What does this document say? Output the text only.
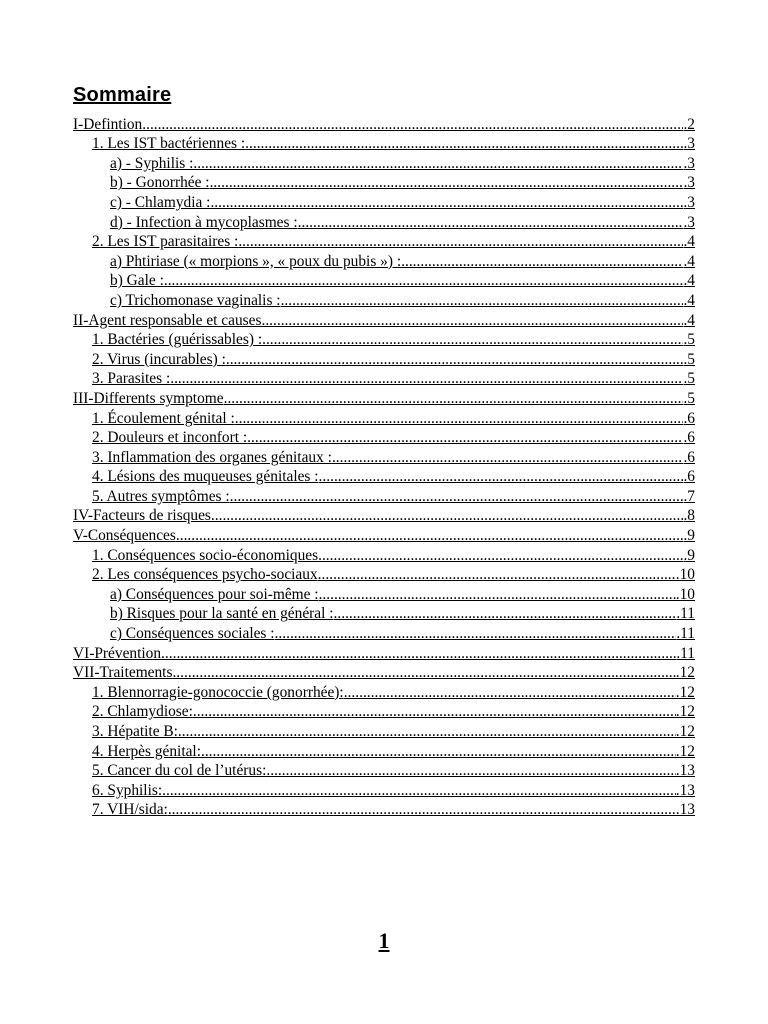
Sommaire
I-Defintion .....	.2
1. Les IST bactériennes : .....	.3
a) - Syphilis : .....	.3
b) - Gonorrhée : .....	.3
c) - Chlamydia : .....	.3
d) - Infection à mycoplasmes : .....	.3
2. Les IST parasitaires : .....	.4
a) Phtiriase (« morpions », « poux du pubis ») : .....	.4
b) Gale : .....	.4
c) Trichomonase vaginalis : .....	.4
II-Agent responsable et causes .....	.4
1. Bactéries (guérissables) : .....	.5
2. Virus (incurables) : .....	.5
3. Parasites : .....	.5
III-Differents symptome .....	.5
1. Écoulement génital : .....	.6
2. Douleurs et inconfort : .....	.6
3. Inflammation des organes génitaux : .....	.6
4. Lésions des muqueuses génitales : .....	.6
5. Autres symptômes : .....	.7
IV-Facteurs de risques .....	.8
V-Conséquences .....	.9
1. Conséquences socio-économiques .....	.9
2. Les conséquences psycho-sociaux .....	.10
a) Conséquences pour soi-même : .....	.10
b) Risques pour la santé en général : .....	.11
c) Conséquences sociales : .....	.11
VI-Prévention .....	.11
VII-Traitements .....	.12
1. Blennorragie-gonococcie (gonorrhée): .....	.12
2. Chlamydiose: .....	.12
3. Hépatite B: .....	.12
4. Herpès génital: .....	.12
5. Cancer du col de l’utérus: .....	.13
6. Syphilis: .....	.13
7. VIH/sida: .....	.13
1
